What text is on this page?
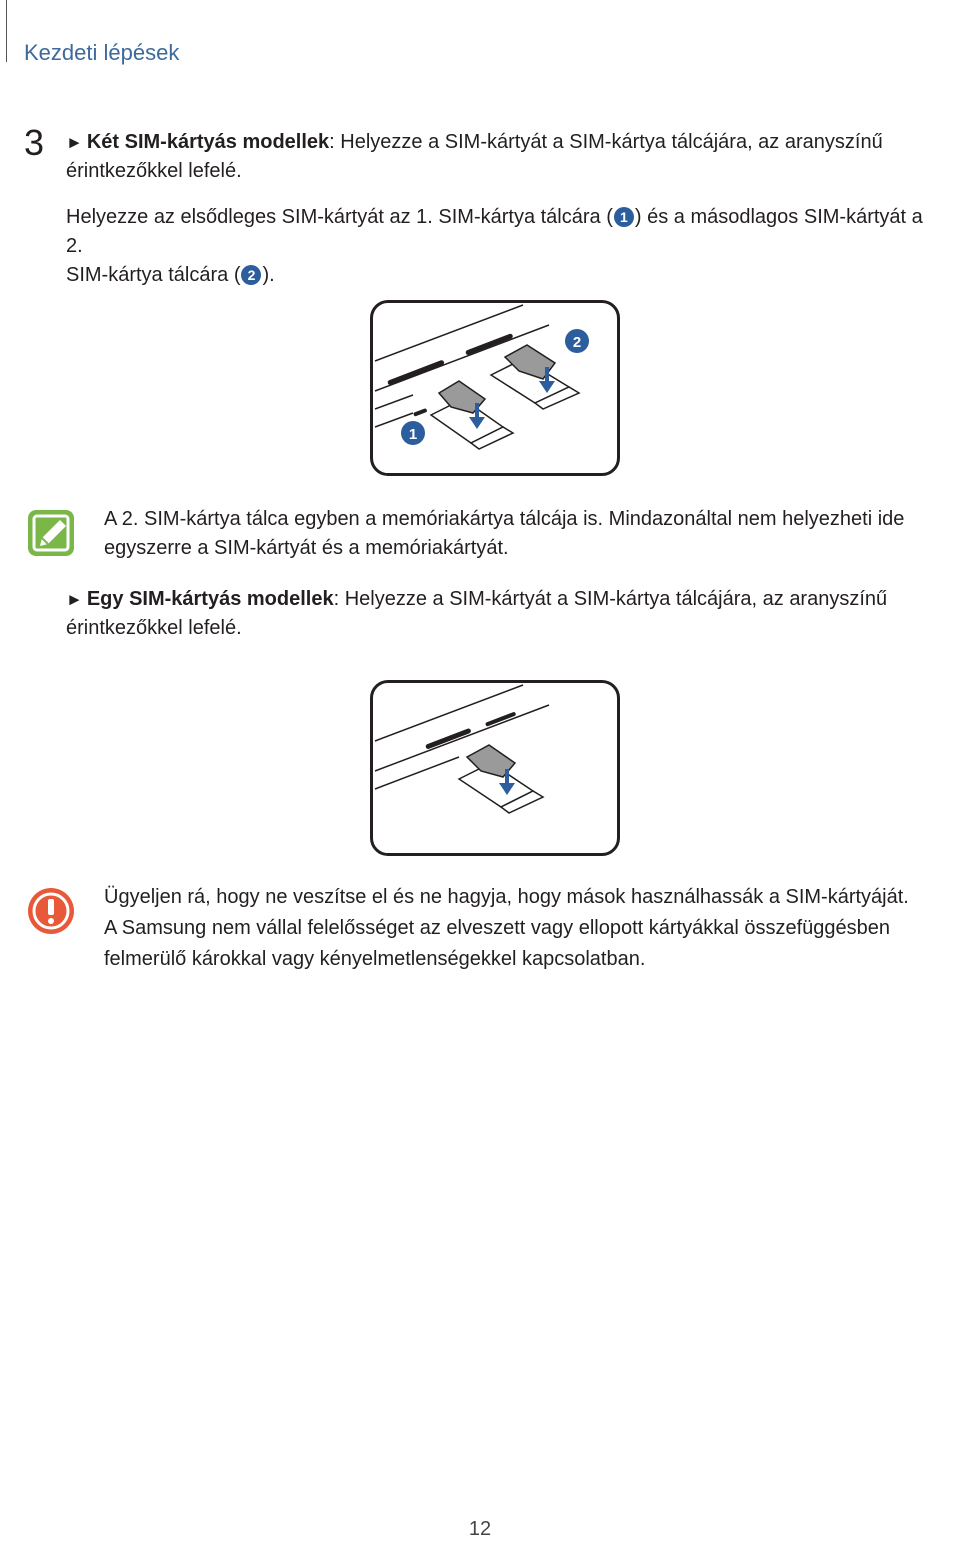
Kezdeti lépések
3 ► Két SIM-kártyás modellek: Helyezze a SIM-kártyát a SIM-kártya tálcájára, az aranyszínű
érintkezőkkel lefelé.
Helyezze az elsődleges SIM-kártyát az 1. SIM-kártya tálcára ( 1 ) és a másodlagos SIM-kártyát a 2.
SIM-kártya tálcára ( 2 ).
1
2
A 2. SIM-kártya tálca egyben a memóriakártya tálcája is. Mindazonáltal nem helyezheti ide
egyszerre a SIM-kártyát és a memóriakártyát.
► Egy SIM-kártyás modellek: Helyezze a SIM-kártyát a SIM-kártya tálcájára, az aranyszínű
érintkezőkkel lefelé.
Ügyeljen rá, hogy ne veszítse el és ne hagyja, hogy mások használhassák a SIM-kártyáját.
A Samsung nem vállal felelősséget az elveszett vagy ellopott kártyákkal összefüggésben
felmerülő károkkal vagy kényelmetlenségekkel kapcsolatban.
12
